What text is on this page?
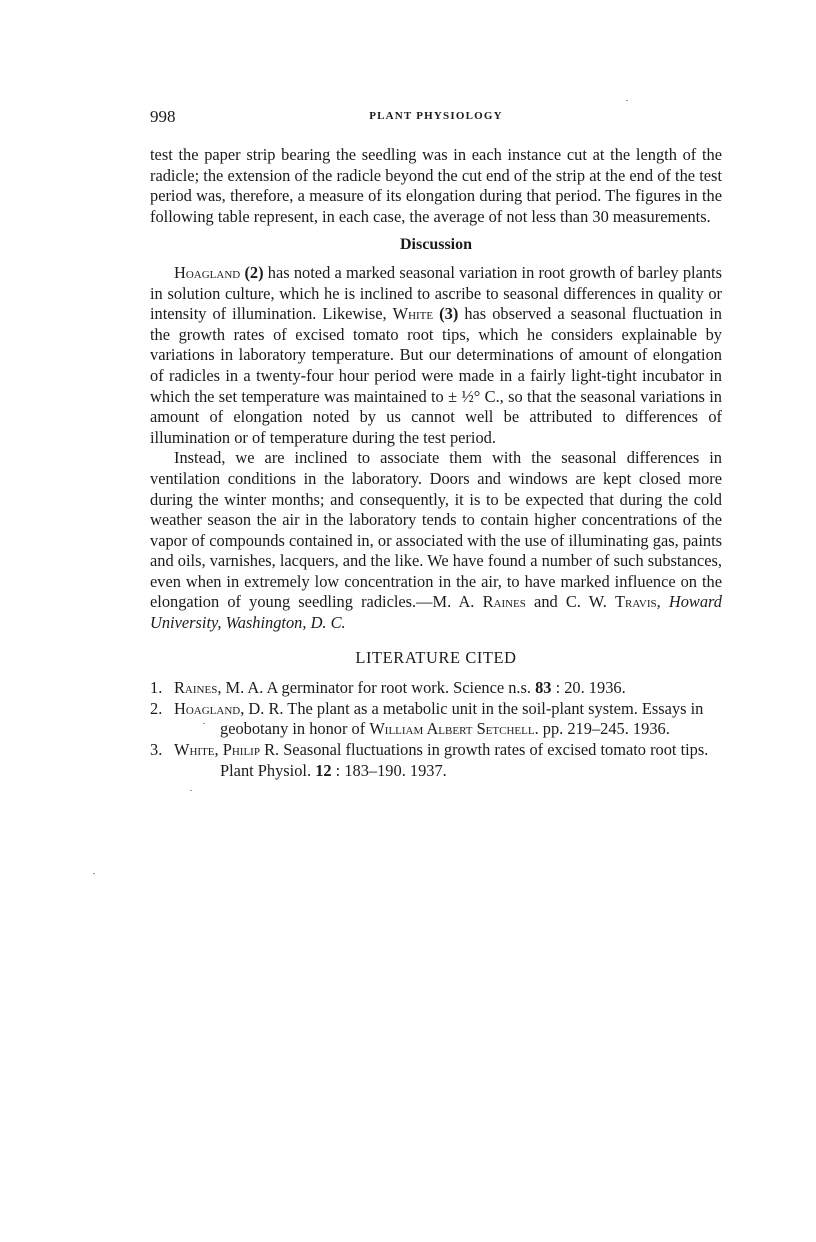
998	PLANT PHYSIOLOGY

test the paper strip bearing the seedling was in each instance cut at the length of the radicle; the extension of the radicle beyond the cut end of the strip at the end of the test period was, therefore, a measure of its elongation during that period. The figures in the following table represent, in each case, the average of not less than 30 measurements.

Discussion

Hoagland (2) has noted a marked seasonal variation in root growth of barley plants in solution culture, which he is inclined to ascribe to seasonal differences in quality or intensity of illumination. Likewise, White (3) has observed a seasonal fluctuation in the growth rates of excised tomato root tips, which he considers explainable by variations in laboratory temperature. But our determinations of amount of elongation of radicles in a twenty-four hour period were made in a fairly light-tight incubator in which the set temperature was maintained to ± ½° C., so that the seasonal variations in amount of elongation noted by us cannot well be attributed to differences of illumination or of temperature during the test period.

Instead, we are inclined to associate them with the seasonal differences in ventilation conditions in the laboratory. Doors and windows are kept closed more during the winter months; and consequently, it is to be expected that during the cold weather season the air in the laboratory tends to contain higher concentrations of the vapor of compounds contained in, or associated with the use of illuminating gas, paints and oils, varnishes, lacquers, and the like. We have found a number of such substances, even when in extremely low concentration in the air, to have marked influence on the elongation of young seedling radicles.—M. A. Raines and C. W. Travis, Howard University, Washington, D. C.

LITERATURE CITED
1. Raines, M. A. A germinator for root work. Science n.s. 83 : 20. 1936.
2. Hoagland, D. R. The plant as a metabolic unit in the soil-plant system. Essays in geobotany in honor of William Albert Setchell. pp. 219–245. 1936.
3. White, Philip R. Seasonal fluctuations in growth rates of excised tomato root tips. Plant Physiol. 12 : 183–190. 1937.
